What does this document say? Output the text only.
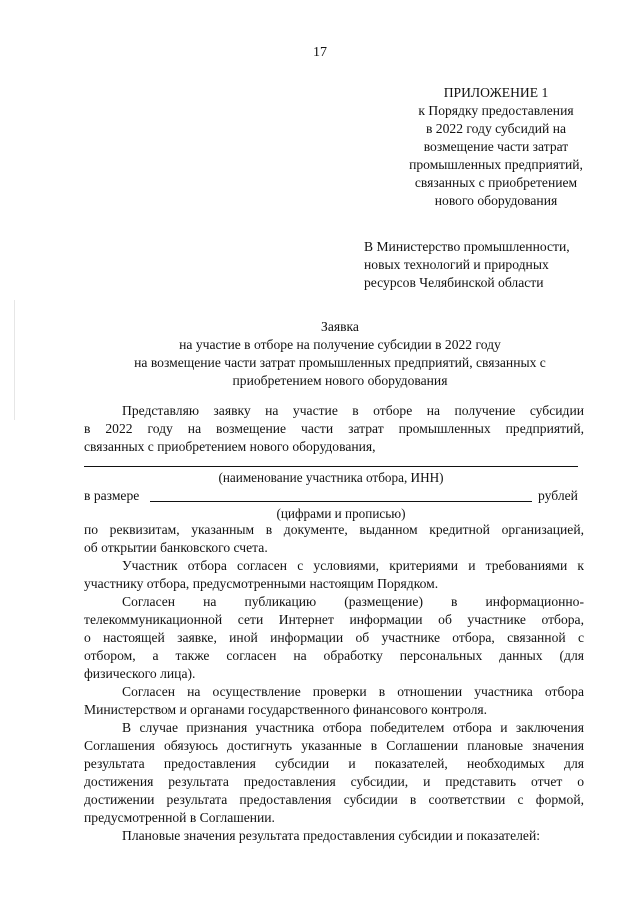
17
ПРИЛОЖЕНИЕ 1
к Порядку предоставления
в 2022 году субсидий на
возмещение части затрат
промышленных предприятий,
связанных с приобретением
нового оборудования
В Министерство промышленности,
новых технологий и природных
ресурсов Челябинской области
Заявка
на участие в отборе на получение субсидии в 2022 году
на возмещение части затрат промышленных предприятий, связанных с
приобретением нового оборудования
Представляю заявку на участие в отборе на получение субсидии
в 2022 году на возмещение части затрат промышленных предприятий,
связанных с приобретением нового оборудования,
(наименование участника отбора, ИНН)
в размере	рублей
(цифрами и прописью)
по реквизитам, указанным в документе, выданном кредитной организацией,
об открытии банковского счета.
Участник отбора согласен с условиями, критериями и требованиями к
участнику отбора, предусмотренными настоящим Порядком.
Согласен на публикацию (размещение) в информационно-
телекоммуникационной сети Интернет информации об участнике отбора,
о настоящей заявке, иной информации об участнике отбора, связанной с
отбором, а также согласен на обработку персональных данных (для
физического лица).
Согласен на осуществление проверки в отношении участника отбора
Министерством и органами государственного финансового контроля.
В случае признания участника отбора победителем отбора и заключения
Соглашения обязуюсь достигнуть указанные в Соглашении плановые значения
результата предоставления субсидии и показателей, необходимых для
достижения результата предоставления субсидии, и представить отчет о
достижении результата предоставления субсидии в соответствии с формой,
предусмотренной в Соглашении.
Плановые значения результата предоставления субсидии и показателей:
